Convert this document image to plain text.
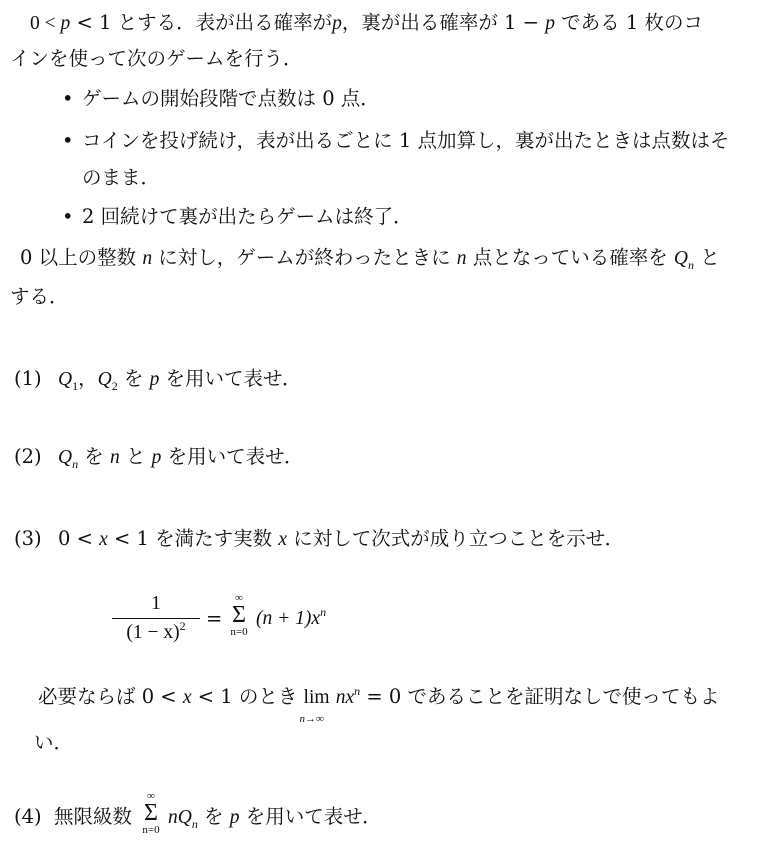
0 < p < 1 とする．表が出る確率がp，裏が出る確率が 1 − p である 1 枚のコ
インを使って次のゲームを行う．
• ゲームの開始段階で点数は 0 点．
• コインを投げ続け，表が出るごとに 1 点加算し，裏が出たときは点数はそ
のまま．
• 2 回続けて裏が出たらゲームは終了．
0 以上の整数 n に対し，ゲームが終わったときに n 点となっている確率を $Q_n$ と
する．
(1) $Q_1$，$Q_2$ を p を用いて表せ．
(2) $Q_n$ を n と p を用いて表せ．
(3) 0 < x < 1 を満たす実数 x に対して次式が成り立つことを示せ．
1
$(1 - x)^2$	=
∞
Σ
n=0
$(n + 1)x^n$
必要ならば 0 < x < 1 のとき lim
n→∞
$nx^n = 0$ であることを証明なしで使ってもよ
い．
(4) 無限級数
∞
Σ
n=0
$nQ_n$ を p を用いて表せ．
